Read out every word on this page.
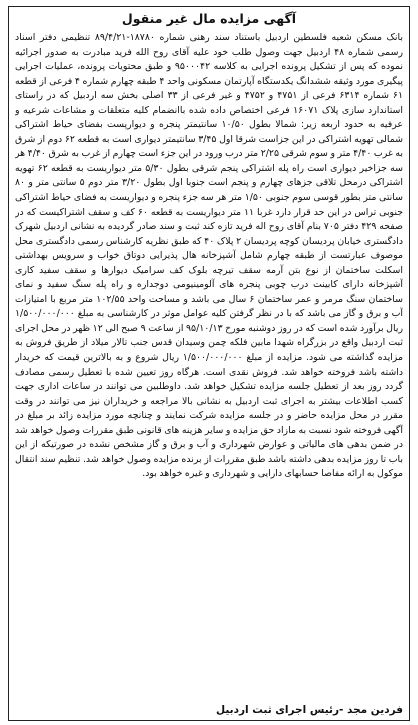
آگهی مزایده مال غیر منقول

بانک مسکن شعبه فلسطین اردبیل باستناد سند رهنی شماره ۱۸۷۸۰-۸۹/۴/۲۱ تنظیمی دفتر اسناد رسمی شماره ۴۸ اردبیل جهت وصول طلب خود علیه آقای روح الله فرید مبادرت به صدور اجرائیه نموده که پس از تشکیل پرونده اجرایی به کلاسه ۹۵۰۰۰۴۲ و طبق محتویات پرونده، عملیات اجرایی پیگیری مورد وثیقه ششدانگ یکدستگاه آپارتمان مسکونی واحد ۴ طبقه چهارم شماره ۴ فرعی از قطعه ۶۱ شماره ۶۳۱۴ فرعی از ۴۷۵۱ و ۴۷۵۲ و غیر فرعی از ۳۳ اصلی بخش سه اردبیل که در راستای استاندارد سازی پلاک ۱۶۰۷۱ فرعی اختصاص داده شده باانضمام کلیه متعلقات و مشاعات شرعیه و عرفیه به حدود اربعه زیر: شمالا بطول ۱۰/۵۰ سانتیمتر پنجره و دیوارپست بفضای حیاط اشتراکی شمالی تهویه اشتراکی در این جزاست شرقا اول ۳/۴۵ سانتیمتر دیواری است به قطعه ۶۲ دوم از شرق به غرب ۴/۴۰ متر و سوم شرقی ۲/۲۵ متر درب ورود در این جزء است چهارم از غرب به شرق ۴/۴۰ هر سه جزاخیر دیواری است راه پله اشتراکی پنجم شرقی بطول ۵/۳۰ متر دیواریست به قطعه ۶۲ تهویه اشتراکی درمحل تلاقی جزهای چهارم و پنجم است جنوبا اول بطول ۳/۲۰ متر دوم ۵ سانتی متر و ۸۰ سانتی متر بطور قوسی سوم جنوبی ۱/۵۰ متر هر سه جزء پنجره و دیواریست به فضای حیاط اشتراکی جنوبی تراس در این حد قرار دارد غربا ۱۱ متر دیواریست به قطعه ۶۰ کف و سقف اشتراکیست که در صفحه ۴۲۹ دفتر ۷۰۵ بنام آقای روح اله فرید تازه کند ثبت و سند صادر گردیده به نشانی اردبیل شهرک دادگستری خیابان پردیسان کوچه پردیسان ۲ پلاک ۴۰ که طبق نظریه کارشناس رسمی دادگستری محل موصوف عبارتست از طبقه چهارم شامل آشپزخانه هال پذیرایی دوتاق خواب و سرویس بهداشتی اسکلت ساختمان از نوع بتن آرمه سقف تیرچه بلوک کف سرامیک دیوارها و سقف سفید کاری آشپزخانه دارای کابینت درب چوبی پنجره های آلومینیومی دوجداره و راه پله سنگ سفید و نمای ساختمان سنگ مرمر و عمر ساختمان ۶ سال می باشد و مساحت واحد ۱۰۲/۵۵ متر مربع با امتیازات آب و برق و گاز می باشد که با در نظر گرفتن کلیه عوامل موثر در کارشناسی به مبلغ ۱/۵۰۰/۰۰۰/۰۰۰ ریال برآورد شده است که در روز دوشنبه مورخ ۹۵/۱۰/۱۳ از ساعت ۹ صبح الی ۱۲ ظهر در محل اجرای ثبت اردبیل واقع در بزرگراه شهدا مابین فلکه چمن وسیدان قدس جنب تالار میلاد از طریق فروش به مزایده گذاشته می شود. مزایده از مبلغ ۱/۵۰۰/۰۰۰/۰۰۰ ریال شروع و به بالاترین قیمت که خریدار داشته باشد فروخته خواهد شد. فروش نقدی است. هرگاه روز تعیین شده با تعطیل رسمی مصادف گردد روز بعد از تعطیل جلسه مزایده تشکیل خواهد شد. داوطلبین می توانند در ساعات اداری جهت کسب اطلاعات بیشتر به اجرای ثبت اردبیل به نشانی بالا مراجعه و خریداران نیز می توانند در وقت مقرر در محل مزایده حاضر و در جلسه مزایده شرکت نمایند و چنانچه مورد مزایده زائد بر مبلغ در آگهی فروخته شود نسبت به مازاد حق مزایده و سایر هزینه های قانونی طبق مقررات وصول خواهد شد در ضمن بدهی های مالیاتی و عوارض شهرداری و آب و برق و گاز مشخص نشده در صورتیکه از این باب تا روز مزایده بدهی داشته باشد طبق مقررات از برنده مزایده وصول خواهد شد. تنظیم سند انتقال موکول به ارائه مفاصا حسابهای دارایی و شهرداری و غیره خواهد بود.

فردین مجد -رئیس اجرای ثبت اردبیل
